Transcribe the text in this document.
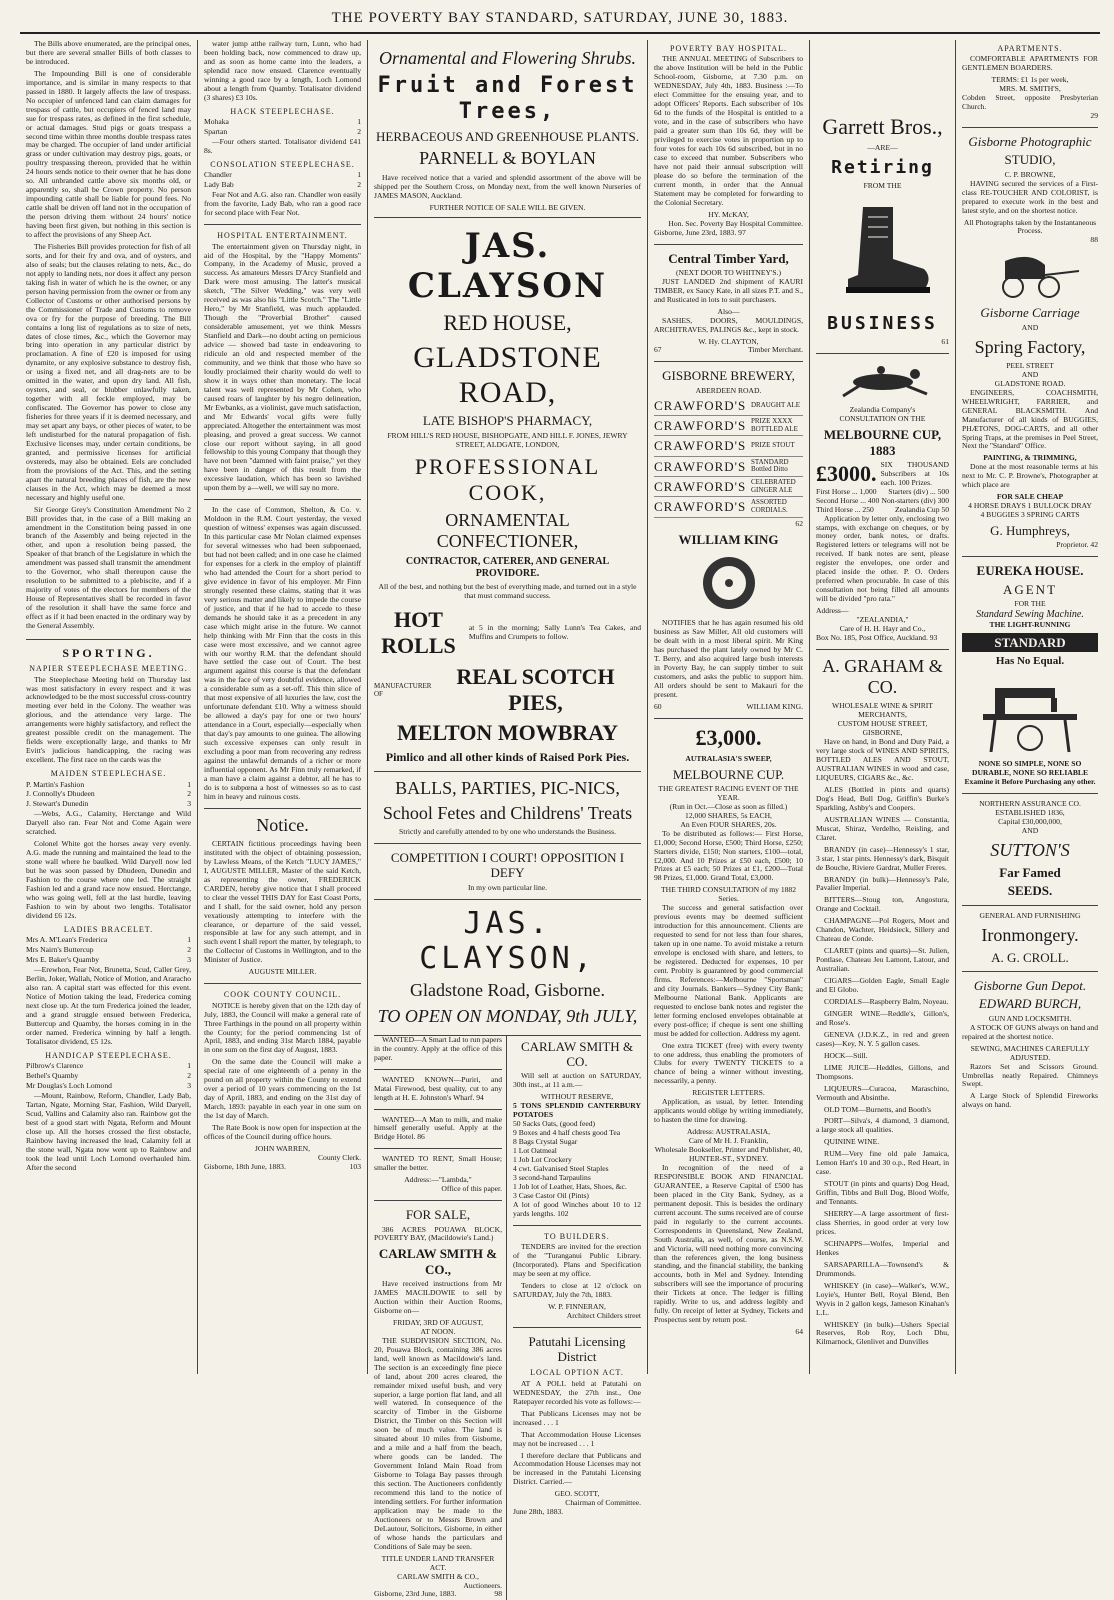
THE POVERTY BAY STANDARD, SATURDAY, JUNE 30, 1883.

The Bills above enumerated, are the principal ones, but there are several smaller Bills of both classes to be introduced.

The Impounding Bill is one of considerable importance, and is similar in many respects to that passed in 1880. It largely affects the law of trespass. No occupier of unfenced land can claim damages for trespass of cattle, but occupiers of fenced land may sue for trespass rates, as defined in the first schedule, or actual damages. Stud pigs or goats trespass a second time within three months double trespass rates may be charged. The occupier of land under artificial grass or under cultivation may destroy pigs, goats, or poultry trespassing thereon, provided that he within 24 hours sends notice to their owner that he has done so. All unbranded cattle above six months old, or apparently so, shall be Crown property. No person impounding cattle shall be liable for pound fees. No cattle shall be driven off land not in the occupation of the person driving them without 24 hours' notice having been first given, but nothing in this section is to affect the provisions of any Sheep Act.

The Fisheries Bill provides protection for fish of all sorts, and for their fry and ova, and of oysters, and also of seals; but the clauses relating to nets, &c., do not apply to landing nets, nor does it affect any person taking fish in water of which he is the owner, or any person having permission from the owner or from any Collector of Customs or other authorised persons by the Commissioner of Trade and Customs to remove ova or fry for the purpose of breeding. The Bill contains a long list of regulations as to size of nets, dates of close times, &c., which the Governor may bring into operation in any particular district by proclamation. A fine of £20 is imposed for using dynamite, or any explosive substance to destroy fish, or using a fixed net, and all drag-nets are to be omitted in the water, and upon dry land. All fish, oysters, and seal, or blubber unlawfully taken, together with all feckle employed, may be confiscated. The Governor has power to close any fisheries for three years if it is deemed necessary, and may set apart any bays, or other pieces of water, to be left undisturbed for the natural propagation of fish. Exclusive licenses may, under certain conditions, be granted, and permissive licenses for artificial ovstereds, may also be obtained. Eels are concluded from the provisions of the Act. This, and the setting apart the natural breeding places of fish, are the new clauses in the Act, which may be deemed a most necessary and highly useful one.

Sir George Grey's Constitution Amendment No 2 Bill provides that, in the case of a Bill making an amendment in the Constitution being passed in one branch of the Assembly and being rejected in the other, and upon a resolution being passed, the Speaker of that branch of the Legislature in which the amendment was passed shall transmit the amendment to the Governor, who shall thereupon cause the resolution to be submitted to a plebiscite, and if a majority of votes of the electors for members of the House of Representatives shall be recorded in favor of the resolution it shall have the same force and effect as if it had been enacted in the ordinary way by the General Assembly.

SPORTING.
NAPIER STEEPLECHASE MEETING.

The Steeplechase Meeting held on Thursday last was most satisfactory in every respect and it was acknowledged to be the most successful cross-country meeting ever held in the Colony. The weather was glorious, and the attendance very large. The arrangements were highly satisfactory, and reflect the greatest possible credit on the management. The fields were exceptionally large, and thanks to Mr Evitt's judicious handicapping, the racing was excellent. The first race on the cards was the

MAIDEN STEEPLECHASE.
P. Martin's Fashion	1
J. Connolly's Dhudeen	2
J. Stewart's Dunedin	3

—Webs, A.G., Calamity, Herctange and Wild Daryell also ran. Fear Not and Come Again were scratched.

Colonel White got the horses away very evenly. A.G. made the running and maintained the lead to the stone wall where he baulked. Wild Daryell now led but he was soon passed by Dhudeen, Dunedin and Fashion to the course where one led. The straight Fashion led and a grand race now ensued. Herctange, who was going well, fell at the last hurdle, leaving Fashion to win by about two lengths. Totalisator dividend £6 12s.

LADIES BRACELET.
Mrs A. M'Lean's Frederica	1
Mrs Nairn's Buttercup	2
Mrs E. Baker's Quamby	3

—Erewhon, Fear Not, Brunetta, Scud, Caller Grey, Berlin, Joker, Wallah, Notice of Motion, and Araracho also ran. A capital start was effected for this event. Notice of Motion taking the lead, Frederica coming next close up. At the turn Frederica joined the leader, and a grand struggle ensued between Frederica, Buttercup and Quamby, the horses coming in in the order named. Frederica winning by half a length. Totalisator dividend, £5 12s.

HANDICAP STEEPLECHASE.
Pilbrow's Clarence	1
Bethel's Quamby	2
Mr Douglas's Loch Lomond	3

—Mount, Rainbow, Reform, Chandler, Lady Bab, Tartan, Ngate, Morning Star, Fashion, Wild Daryell, Scud, Vallins and Calamity also ran. Rainbow got the best of a good start with Ngata, Reform and Mount close up. All the horses crossed the first obstacle, Rainbow having increased the lead, Calamity fell at the stone wall, Ngata now went up to Rainbow and took the lead until Loch Lomond overhauled him. After the second

water jump atthe railway turn, Lunn, who had been holding back, now commenced to draw up, and as soon as home came into the leaders, a splendid race now ensued. Clarence eventually winning a good race by a length, Loch Lomond about a length from Quamby. Totalisator dividend (3 shares) £3 10s.

HACK STEEPLECHASE.
Mohaka	1
Spartan	2

—Four others started. Totalisator dividend £41 8s.

CONSOLATION STEEPLECHASE.
Chandler	1
Lady Bab	2

Fear Not and A.G. also ran. Chandler won easily from the favorite, Lady Bab, who ran a good race for second place with Fear Not.

HOSPITAL ENTERTAINMENT.

The entertainment given on Thursday night, in aid of the Hospital, by the "Happy Moments" Company, in the Academy of Music, proved a success. As amateurs Messrs D'Arcy Stanfield and Dark were most amusing. The latter's musical sketch, "The Silver Wedding," was very well received as was also his "Little Scotch." The "Little Hero," by Mr Stanfield, was much applauded. Though the "Proverbial Brother" caused considerable amusement, yet we think Messrs Stanfield and Dark—no doubt acting on pernicious advice — showed bad taste in endeavoring to ridicule an old and respected member of the community, and we think that those who have so loudly proclaimed their charity would do well to show it in ways other than monetary. The local talent was well represented by Mr Cohen, who caused roars of laughter by his negro delineation, Mr Ewbanks, as a violinist, gave much satisfaction, and Mr Edwards' vocal gifts were fully appreciated. Altogether the entertainment was most pleasing, and proved a great success. We cannot close our report without saying, in all good fellowship to this young Company that though they have not been "damned with faint praise," yet they have been in danger of this result from the excessive laudation, which has been so lavished upon them by a—well, we will say no more.

In the case of Common, Shelton, & Co. v. Moldoon in the R.M. Court yesterday, the vexed question of witness' expenses was again discussed. In this particular case Mr Nolan claimed expenses for several witnesses who had been subpoenaed, but had not been called; and in one case he claimed for expenses for a clerk in the employ of plaintiff who had attended the Court for a short period to give evidence in favor of his employer. Mr Finn strongly resented these claims, stating that it was very serious matter and likely to impede the course of justice, and that if he had to accede to these demands he should take it as a precedent in any case which might arise in the future. We cannot help thinking with Mr Finn that the costs in this case were most excessive, and we cannot agree with our worthy R.M. that the defendant should have settled the case out of Court. The best argument against this course is that the defendant was in the face of very doubtful evidence, allowed a considerable sum as a set-off. This thin slice of that most expensive of all luxuries the law, cost the unfortunate defendant £10. Why a witness should be allowed a day's pay for one or two hours' attendance in a Court, especially—especially when that day's pay amounts to one guinea. The allowing such excessive expenses can only result in excluding a poor man from recovering any redress against the unlawful demands of a richer or more influential opponent. As Mr Finn truly remarked, if a man have a claim against a debtor, all he has to do is to subpœna a host of witnesses so as to cast him in heavy and ruinous costs.

Notice.

CERTAIN fictitious proceedings having been instituted with the object of obtaining possession, by Lawless Means, of the Ketch "LUCY JAMES," I, AUGUSTE MILLER, Master of the said Ketch, as representing the owner, FREDERICK CARDEN, hereby give notice that I shall proceed to clear the vessel THIS DAY for East Coast Ports, and I shall, for the said owner, hold any person vexatiously attempting to interfere with the clearance, or departure of the said vessel, responsible at law for any such attempt, and in such event I shall report the matter, by telegraph, to the Collector of Customs in Wellington, and to the Minister of Justice.

AUGUSTE MILLER.
COOK COUNTY COUNCIL.

NOTICE is hereby given that on the 12th day of July, 1883, the Council will make a general rate of Three Farthings in the pound on all property within the County; for the period commencing 1st of April, 1883, and ending 31st March 1884, payable in one sum on the first day of August, 1883.

On the same date the Council will make a special rate of one eighteenth of a penny in the pound on all property within the County to extend over a period of 10 years commencing on the 1st day of April, 1883, and ending on the 31st day of March, 1893: payable in each year in one sum on the 1st day of March.

The Rate Book is now open for inspection at the offices of the Council during office hours.

JOHN WARREN,
County Clerk.
Gisborne, 18th June, 1883.	103
Ornamental and Flowering Shrubs.
Fruit and Forest Trees,
HERBACEOUS AND GREENHOUSE PLANTS.
PARNELL & BOYLAN

Have received notice that a varied and splendid assortment of the above will be shipped per the Southern Cross, on Monday next, from the well known Nurseries of JAMES MASON, Auckland.

FURTHER NOTICE OF SALE WILL BE GIVEN.
JAS. CLAYSON
RED HOUSE,
GLADSTONE ROAD,
LATE BISHOP'S PHARMACY,
FROM HILL'S RED HOUSE, BISHOPGATE, AND HILL F. JONES, JEWRY STREET, ALDGATE, LONDON,
PROFESSIONAL COOK,
ORNAMENTAL CONFECTIONER,
CONTRACTOR, CATERER, AND GENERAL PROVIDORE.
All of the best, and nothing but the best of everything made, and turned out in a style that must command success.
HOT ROLLS
at 5 in the morning; Sally Lunn's Tea Cakes, and Muffins and Crumpets to follow.
MANUFACTURER OF
REAL SCOTCH PIES,
MELTON MOWBRAY
Pimlico and all other kinds of Raised Pork Pies.
BALLS, PARTIES, PIC-NICS,
School Fetes and Childrens' Treats
Strictly and carefully attended to by one who understands the Business.
COMPETITION I COURT! OPPOSITION I DEFY
In my own particular line.
JAS. CLAYSON,
Gladstone Road, Gisborne.
TO OPEN ON MONDAY, 9th JULY,

WANTED—A Smart Lad to run papers in the country. Apply at the office of this paper.

WANTED KNOWN—Puriri, and Matai Firewood, best quality, cut to any length at H. E. Johnston's Wharf. 94

WANTED—A Man to milk, and make himself generally useful. Apply at the Bridge Hotel. 86

WANTED TO RENT, Small House; smaller the better.

Address:—"Lambda,"
Office of this paper.
FOR SALE,

386 ACRES POUAWA BLOCK, POVERTY BAY, (Macildowie's Land.)

CARLAW SMITH & CO.,

Have received instructions from Mr JAMES MACILDOWIE to sell by Auction within their Auction Rooms, Gisborne on—

FRIDAY, 3RD OF AUGUST,
AT NOON.

THE SUBDIVISION SECTION, No. 20, Pouawa Block, containing 386 acres land, well known as Macildowie's land. The section is an exceedingly fine piece of land, about 200 acres cleared, the remainder mixed useful bush, and very superior, a large portion flat land, and all well watered. In consequence of the scarcity of Timber in the Gisborne District, the Timber on this Section will soon be of much value. The land is situated about 10 miles from Gisborne, and a mile and a half from the beach, where goods can be landed. The Government Inland Main Road from Gisborne to Tolaga Bay passes through this section. The Auctioneers confidently recommend this land to the notice of intending settlers. For further information application may be made to the Auctioneers or to Messrs Brown and DeLautour, Solicitors, Gisborne, in either of whose hands the particulars and Conditions of Sale may be seen.

TITLE UNDER LAND TRANSFER ACT.
CARLAW SMITH & CO.,
Auctioneers.
Gisborne, 23rd June, 1883.	98
CARLAW SMITH & CO.

Will sell at auction on SATURDAY, 30th inst., at 11 a.m.—

WITHOUT RESERVE,
5 TONS SPLENDID CANTERBURY POTATOES
50 Sacks Oats, (good feed)
9 Boxes and 4 half chests good Tea
8 Bags Crystal Sugar
1 Lot Oatmeal
1 Job Lot Crockery
4 cwt. Galvanised Steel Staples
3 second-hand Tarpaulins
1 Job lot of Leather, Hats, Shoes, &c.
3 Case Castor Oil (Pints)
A lot of good Winches about 10 to 12 yards lengths. 102
TO BUILDERS.

TENDERS are invited for the erection of the "Turanganui Public Library. (Incorporated). Plans and Specification may be seen at my office.

Tenders to close at 12 o'clock on SATURDAY, July the 7th, 1883.

W. P. FINNERAN,
Architect Childers street
Patutahi Licensing District
LOCAL OPTION ACT.

AT A POLL held at Patutahi on WEDNESDAY, the 27th inst., One Ratepayer recorded his vote as follows:—

That Publicans Licenses may not be increased . . . 1

That Accommodation House Licenses may not be increased . . . 1

I therefore declare that Publicans and Accommodation House Licenses may not be increased in the Patutahi Licensing District. Carried.—

GEO. SCOTT,
Chairman of Committee.
June 28th, 1883.
POVERTY BAY HOSPITAL.

THE ANNUAL MEETING of Subscribers to the above Institution will be held in the Public School-room, Gisborne, at 7.30 p.m. on WEDNESDAY, July 4th, 1883. Business :—To elect Committee for the ensuing year, and to adopt Officers' Reports. Each subscriber of 10s 6d to the funds of the Hospital is entitled to a vote, and in the case of subscribers who have paid a greater sum than 10s 6d, they will be privileged to exercise votes in proportion up to four votes for each 10s 6d subscribed, but in no case to exceed that number. Subscribers who have not paid their annual subscription will please do so before the termination of the current month, in order that the Annual Statement may be completed for forwarding to the Colonial Secretary.

HY. McKAY,
Hon. Sec. Poverty Bay Hospital Committee.
Gisborne, June 23rd, 1883. 97
Central Timber Yard,
(NEXT DOOR TO WHITNEY'S.)

JUST LANDED 2nd shipment of KAURI TIMBER, ex Saucy Kate, in all sizes P.T. and S., and Rusticated in lots to suit purchasers.

Also—

SASHES, DOORS, MOULDINGS, ARCHITRAVES, PALINGS &c., kept in stock.

W. Hy. CLAYTON,
67	Timber Merchant.
GISBORNE BREWERY,
ABERDEEN ROAD.
CRAWFORD'S DRAUGHT ALE
CRAWFORD'S PRIZE XXXX BOTTLED ALE
CRAWFORD'S PRIZE STOUT
CRAWFORD'S STANDARD Bottled Ditto
CRAWFORD'S CELEBRATED GINGER ALE
CRAWFORD'S ASSORTED CORDIALS.
62
WILLIAM KING

NOTIFIES that he has again resumed his old business as Saw Miller, All old customers will be dealt with in a most liberal spirit. Mr King has purchased the plant lately owned by Mr C. T. Berry, and also acquired large bush interests in Poverty Bay, he can supply timber to suit customers, and asks the public to support him. All orders should be sent to Makauri for the present.

60	WILLIAM KING.
£3,000.
AUTRALASIA'S SWEEP,
MELBOURNE CUP.
THE GREATEST RACING EVENT OF THE YEAR.
(Run in Oct.—Close as soon as filled.)
12,000 SHARES, 5s EACH,
An Even FOUR SHARES, 20s.

To be distributed as follows:— First Horse, £1,000; Second Horse, £500; Third Horse, £250; Starters divide, £150; Non starters, £100—total, £2,000. And 10 Prizes at £50 each, £500; 10 Prizes at £5 each; 50 Prizes at £1, £200—Total 98 Prizes, £1,000. Grand Total, £3,000.

THE THIRD CONSULTATION of my 1882 Series.

The success and general satisfaction over previous events may be deemed sufficient introduction for this announcement. Clients are requested to send for not less than four shares, taken up in one name. To avoid mistake a return envelope is enclosed with share, and letters, to be registered. Deducted for expenses, 10 per cent. Probity is guaranteed by good commercial firms. References:—Melbourne "Sportsman" and city Journals. Bankers—Sydney City Bank; Melbourne National Bank. Applicants are requested to enclose bank notes and register the letter forming enclosed envelopes obtainable at every post-office; if cheque is sent one shilling must be added for collection. Address my agent.

One extra TICKET (free) with every twenty to one address, thus enabling the promoters of Clubs for every TWENTY TICKETS to a chance of being a winner without investing, necessarily, a penny.

REGISTER LETTERS.

Application, as usual, by letter. Intending applicants would oblige by writing immediately, to hasten the time for drawing.

Address: AUSTRALASIA,
Care of Mr H. J. Franklin,
Wholesale Bookseller, Printer and Publisher, 40, HUNTER-ST., SYDNEY.

In recognition of the need of a RESPONSIBLE BOOK AND FINANCIAL GUARANTEE, a Reserve Capital of £500 has been placed in the City Bank, Sydney, as a permanent deposit. This is besides the ordinary current account. The sums received are of course paid in regularly to the current accounts. Correspondents in Queensland, New Zealand, South Australia, as well, of course, as N.S.W. and Victoria, will need nothing more convincing than the references given, the long business standing, and the financial stability, the banking accounts, both in Mel and Sydney. Intending subscribers will see the importance of procuring their Tickets at once. The ledger is filling rapidly. Write to us, and address legibly and fully. On receipt of letter at Sydney, Tickets and Prospectus sent by return post.

64
Garrett Bros.,
—ARE—
Retiring
FROM THE
BUSINESS
61
Zealandia Company's
CONSULTATION ON THE
MELBOURNE CUP, 1883
£3000. SIX THOUSAND Subscribers at 10s each. 100 Prizes.
First Horse ... 1,000 Starters (div) ... 500
Second Horse ... 400 Non-starters (div) 300
Third Horse ... 250	Zealandia Cup 50

Application by letter only, enclosing two stamps, with exchange on cheques, or by money order, bank notes, or drafts. Registered letters or telegrams will not be received. If bank notes are sent, please register the envelopes, one order and placed inside the other. P. O. Orders preferred when procurable. In case of this consultation not being filled all amounts will be divided "pro rata."

Address—
"ZEALANDIA,"
Care of H. H. Hayr and Co.,
Box No. 185, Post Office, Auckland. 93
A. GRAHAM & CO.
WHOLESALE WINE & SPIRIT MERCHANTS,
CUSTOM HOUSE STREET,
GISBORNE,

Have on hand, in Bond and Duty Paid, a very large stock of WINES AND SPIRITS, BOTTLED ALES AND STOUT, AUSTRALIAN WINES in wood and case, LIQUEURS, CIGARS &c., &c.

ALES (Bottled in pints and quarts) Dog's Head, Bull Dog, Griffin's Burke's Sparkling, Ashby's and Coopers.

AUSTRALIAN WINES — Constantia, Muscat, Shiraz, Verdelho, Reisling, and Claret.

BRANDY (in case)—Hennessy's 1 star, 3 star, 1 star pints. Hennessy's dark, Bisquit de Bouche, Riviere Gardrat, Muller Freres.

BRANDY (in bulk)—Hennessy's Pale, Pavalier Imperial.

BITTERS—Stoug ton, Angostura, Orange and Cocktail.

CHAMPAGNE—Pol Rogers, Moet and Chandon, Wachter, Heidsieck, Sillery and Chateau de Conde.

CLARET (pints and quarts)—St. Julien, Pontlase, Chateau Jeu Lamont, Latour, and Australian.

CIGARS—Golden Eagle, Small Eagle and El Globo.

CORDIALS—Raspberry Balm, Noyeau.

GINGER WINE—Reddle's, Gillon's, and Rose's.

GENEVA (J.D.K.Z., in red and green cases)—Key, N. Y. 5 gallon cases.

HOCK—Still.

LIME JUICE—Heddles, Gillons, and Thompsons.

LIQUEURS—Curacoa, Maraschino, Vermouth and Absinthe.

OLD TOM—Burnetts, and Booth's

PORT—Silva's, 4 diamond, 3 diamond, a large stock all qualities.

QUININE WINE.

RUM—Very fine old pale Jamaica, Lemon Hart's 10 and 30 o.p., Red Heart, in case.

STOUT (in pints and quarts) Dog Head, Griffin, Tibbs and Bull Dog, Blood Wolfe, and Tennants.

SHERRY—A large assortment of first-class Sherries, in good order at very low prices.

SCHNAPPS—Wolfes, Imperial and Henkes

SARSAPARILLA—Townsend's & Drummonds.

WHISKEY (in case)—Walker's, W.W., Loyie's, Hunter Bell, Royal Blend, Ben Wyvis in 2 gallon kegs, Jameson Kinahan's L.L.

WHISKEY (in bulk)—Ushers Special Reserves, Rob Roy, Loch Dhu, Kilmarnock, Glenlivet and Dunvilles

APARTMENTS.

COMFORTABLE APARTMENTS FOR GENTLEMEN BOARDERS.

TERMS: £1 1s per week,
MRS. M. SMITH'S,
Cobden Street, opposite Presbyterian Church.
29
Gisborne Photographic
STUDIO,
C. P. BROWNE,

HAVING secured the services of a First-class RE-TOUCHER AND COLORIST, is prepared to execute work in the best and latest style, and on the shortest notice.

All Photographs taken by the Instantaneous Process.
88
Gisborne Carriage
AND
Spring Factory,
PEEL STREET
AND
GLADSTONE ROAD.

ENGINEERS, COACHSMITH, WHEELWRIGHT, FARRIER, and GENERAL BLACKSMITH. And Manufacturer of all kinds of BUGGIES, PHÆTONS, DOG-CARTS, and all other Spring Traps, at the premises in Peel Street, Next the "Standard" Office.

PAINTING, & TRIMMING,

Done at the most reasonable terms at his next to Mr. C. P. Browne's, Photographer at which place are

FOR SALE CHEAP
4 HORSE DRAYS 1 BULLOCK DRAY
4 BUGGIES 3 SPRING CARTS
G. Humphreys,
Proprietor. 42
EUREKA HOUSE.
AGENT
FOR THE
Standard Sewing Machine.
THE LIGHT-RUNNING
STANDARD
Has No Equal.
NONE SO SIMPLE, NONE SO DURABLE, NONE SO RELIABLE
Examine it Before Purchasing any other.
NORTHERN ASSURANCE CO.
ESTABLISHED 1836,
Capital £30,000,000,
AND
SUTTON'S
Far Famed
SEEDS.
GENERAL AND FURNISHING
Ironmongery.
A. G. CROLL.
Gisborne Gun Depot.
EDWARD BURCH,
GUN AND LOCKSMITH.

A STOCK OF GUNS always on hand and repaired at the shortest notice.

SEWING, MACHINES CAREFULLY ADJUSTED.

Razors Set and Scissors Ground. Umbrellas neatly Repaired. Chimneys Swept.

A Large Stock of Splendid Fireworks always on hand.
